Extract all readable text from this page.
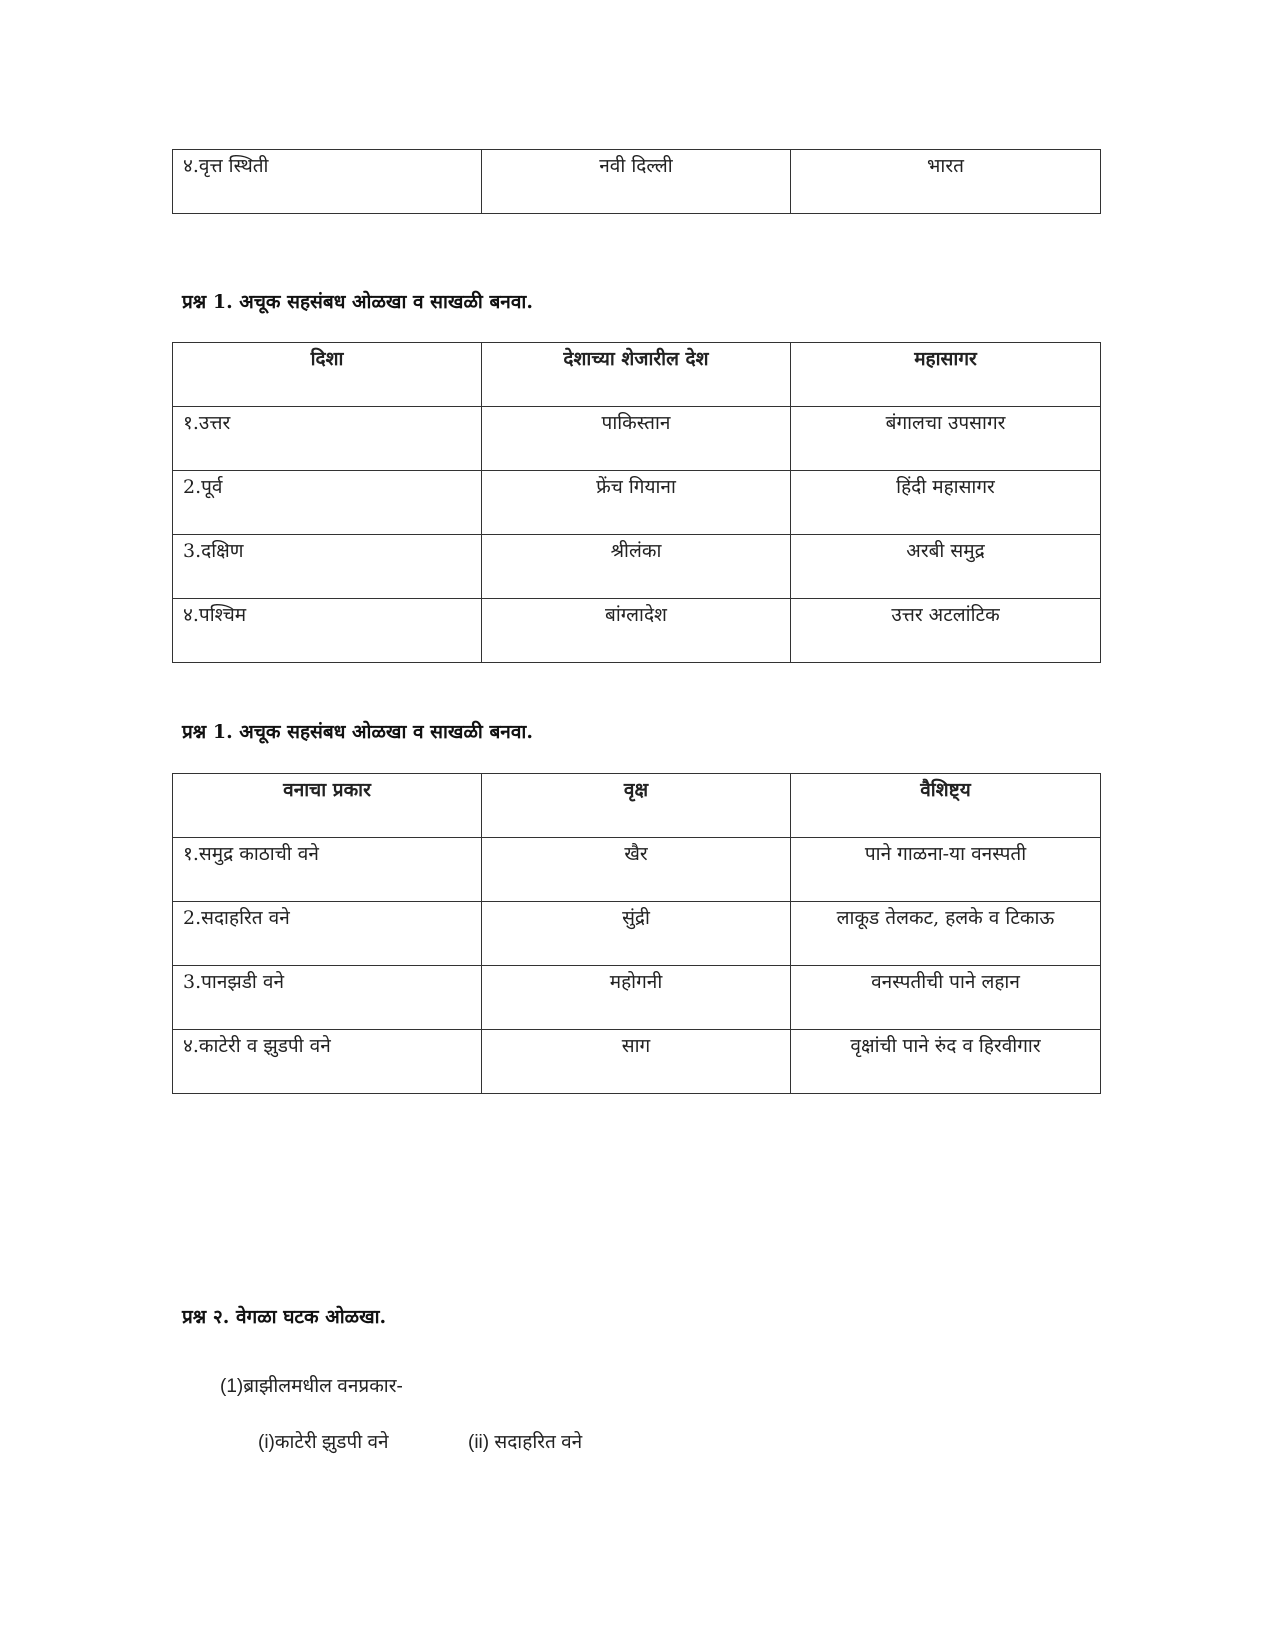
४.वृत्त स्थिती	नवी दिल्ली	भारत

प्रश्न 1. अचूक सहसंबध ओळखा व साखळी बनवा.

दिशा	देशाच्या शेजारील देश	महासागर
१.उत्तर	पाकिस्तान	बंगालचा उपसागर
2.पूर्व	फ्रेंच गियाना	हिंदी महासागर
3.दक्षिण	श्रीलंका	अरबी समुद्र
४.पश्चिम	बांग्लादेश	उत्तर अटलांटिक

प्रश्न 1. अचूक सहसंबध ओळखा व साखळी बनवा.

वनाचा प्रकार	वृक्ष	वैशिष्ट्य
१.समुद्र काठाची वने	खैर	पाने गाळना-या वनस्पती
2.सदाहरित वने	सुंद्री	लाकूड तेलकट, हलके व टिकाऊ
3.पानझडी वने	महोगनी	वनस्पतीची पाने लहान
४.काटेरी व झुडपी वने	साग	वृक्षांची पाने रुंद व हिरवीगार

प्रश्न २. वेगळा घटक ओळखा.

(1)ब्राझीलमधील वनप्रकार-

(i)काटेरी झुडपी वने	(ii) सदाहरित वने
